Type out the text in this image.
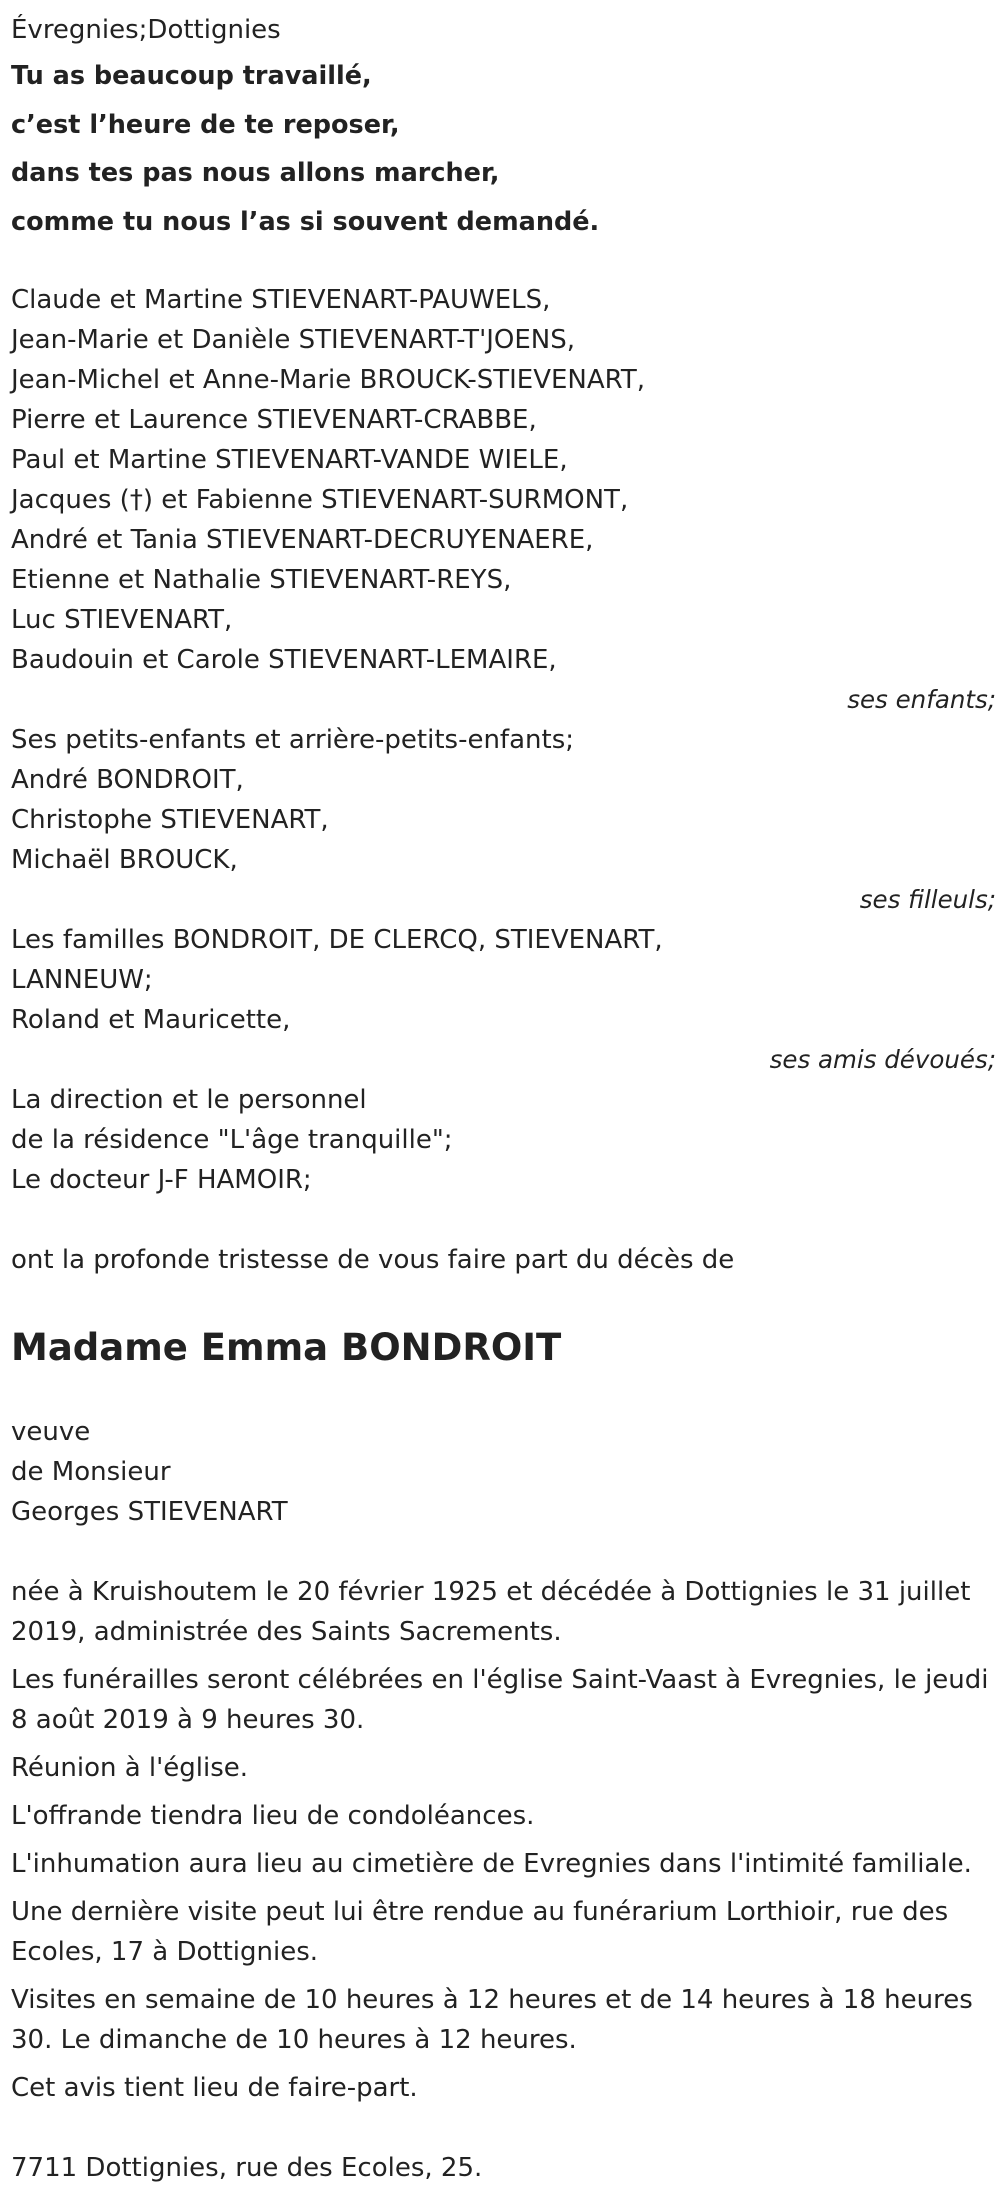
Évregnies;Dottignies
Tu as beaucoup travaillé,
c’est l’heure de te reposer,
dans tes pas nous allons marcher,
comme tu nous l’as si souvent demandé.
Claude et Martine STIEVENART-PAUWELS,
Jean-Marie et Danièle STIEVENART-T'JOENS,
Jean-Michel et Anne-Marie BROUCK-STIEVENART,
Pierre et Laurence STIEVENART-CRABBE,
Paul et Martine STIEVENART-VANDE WIELE,
Jacques (†) et Fabienne STIEVENART-SURMONT,
André et Tania STIEVENART-DECRUYENAERE,
Etienne et Nathalie STIEVENART-REYS,
Luc STIEVENART,
Baudouin et Carole STIEVENART-LEMAIRE,
ses enfants;
Ses petits-enfants et arrière-petits-enfants;
André BONDROIT,
Christophe STIEVENART,
Michaël BROUCK,
ses filleuls;
Les familles BONDROIT, DE CLERCQ, STIEVENART,
LANNEUW;
Roland et Mauricette,
ses amis dévoués;
La direction et le personnel
de la résidence "L'âge tranquille";
Le docteur J-F HAMOIR;
ont la profonde tristesse de vous faire part du décès de
Madame Emma BONDROIT
veuve
de Monsieur
Georges STIEVENART
née à Kruishoutem le 20 février 1925 et décédée à Dottignies le 31 juillet 2019, administrée des Saints Sacrements.
Les funérailles seront célébrées en l'église Saint-Vaast à Evregnies, le jeudi 8 août 2019 à 9 heures 30.
Réunion à l'église.
L'offrande tiendra lieu de condoléances.
L'inhumation aura lieu au cimetière de Evregnies dans l'intimité familiale.
Une dernière visite peut lui être rendue au funérarium Lorthioir, rue des Ecoles, 17 à Dottignies.
Visites en semaine de 10 heures à 12 heures et de 14 heures à 18 heures 30. Le dimanche de 10 heures à 12 heures.
Cet avis tient lieu de faire-part.
7711 Dottignies, rue des Ecoles, 25.
